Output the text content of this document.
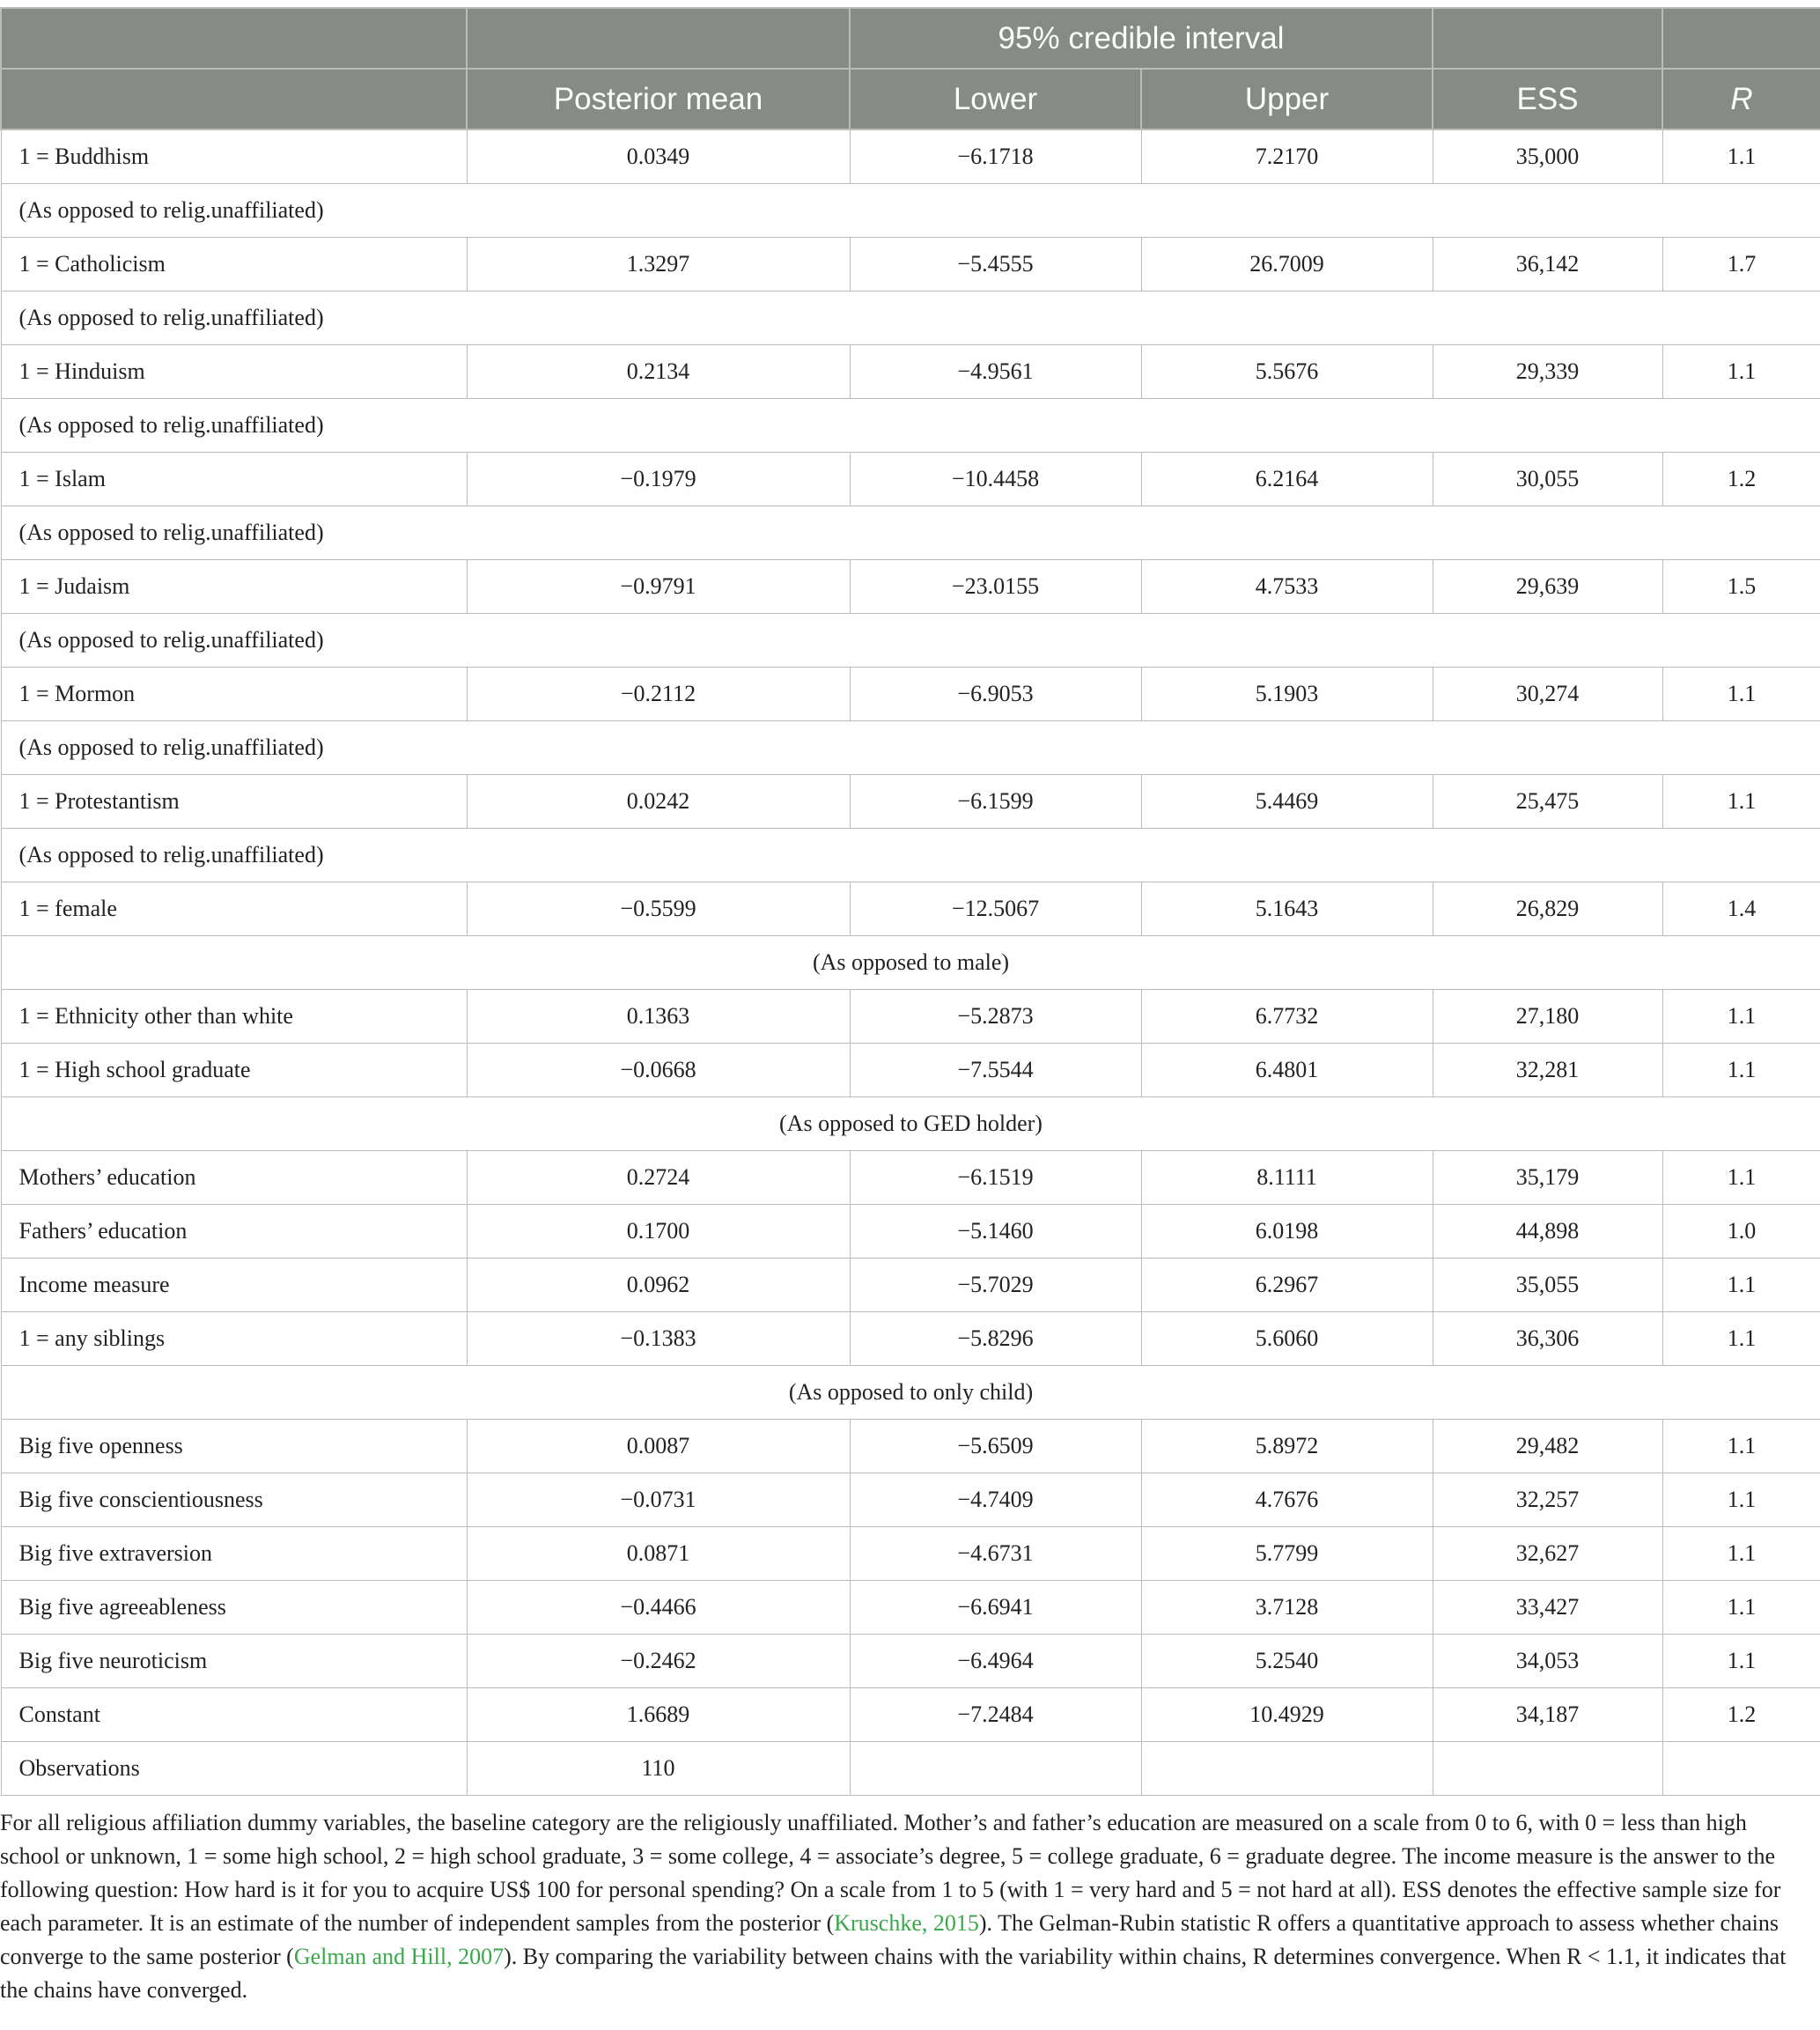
		95% credible interval			
	Posterior mean	Lower	Upper	ESS	R
1 = Buddhism	0.0349	−6.1718	7.2170	35,000	1.1
(As opposed to relig.unaffiliated)					
1 = Catholicism	1.3297	−5.4555	26.7009	36,142	1.7
(As opposed to relig.unaffiliated)					
1 = Hinduism	0.2134	−4.9561	5.5676	29,339	1.1
(As opposed to relig.unaffiliated)					
1 = Islam	−0.1979	−10.4458	6.2164	30,055	1.2
(As opposed to relig.unaffiliated)					
1 = Judaism	−0.9791	−23.0155	4.7533	29,639	1.5
(As opposed to relig.unaffiliated)					
1 = Mormon	−0.2112	−6.9053	5.1903	30,274	1.1
(As opposed to relig.unaffiliated)					
1 = Protestantism	0.0242	−6.1599	5.4469	25,475	1.1
(As opposed to relig.unaffiliated)					
1 = female	−0.5599	−12.5067	5.1643	26,829	1.4
(As opposed to male)					
1 = Ethnicity other than white	0.1363	−5.2873	6.7732	27,180	1.1
1 = High school graduate	−0.0668	−7.5544	6.4801	32,281	1.1
(As opposed to GED holder)					
Mothers’ education	0.2724	−6.1519	8.1111	35,179	1.1
Fathers’ education	0.1700	−5.1460	6.0198	44,898	1.0
Income measure	0.0962	−5.7029	6.2967	35,055	1.1
1 = any siblings	−0.1383	−5.8296	5.6060	36,306	1.1
(As opposed to only child)					
Big five openness	0.0087	−5.6509	5.8972	29,482	1.1
Big five conscientiousness	−0.0731	−4.7409	4.7676	32,257	1.1
Big five extraversion	0.0871	−4.6731	5.7799	32,627	1.1
Big five agreeableness	−0.4466	−6.6941	3.7128	33,427	1.1
Big five neuroticism	−0.2462	−6.4964	5.2540	34,053	1.1
Constant	1.6689	−7.2484	10.4929	34,187	1.2
Observations	110				
For all religious affiliation dummy variables, the baseline category are the religiously unaffiliated. Mother’s and father’s education are measured on a scale from 0 to 6, with 0 = less than high school or unknown, 1 = some high school, 2 = high school graduate, 3 = some college, 4 = associate’s degree, 5 = college graduate, 6 = graduate degree. The income measure is the answer to the following question: How hard is it for you to acquire US$ 100 for personal spending? On a scale from 1 to 5 (with 1 = very hard and 5 = not hard at all). ESS denotes the effective sample size for each parameter. It is an estimate of the number of independent samples from the posterior (Kruschke, 2015). The Gelman-Rubin statistic R offers a quantitative approach to assess whether chains converge to the same posterior (Gelman and Hill, 2007). By comparing the variability between chains with the variability within chains, R determines convergence. When R < 1.1, it indicates that the chains have converged.
